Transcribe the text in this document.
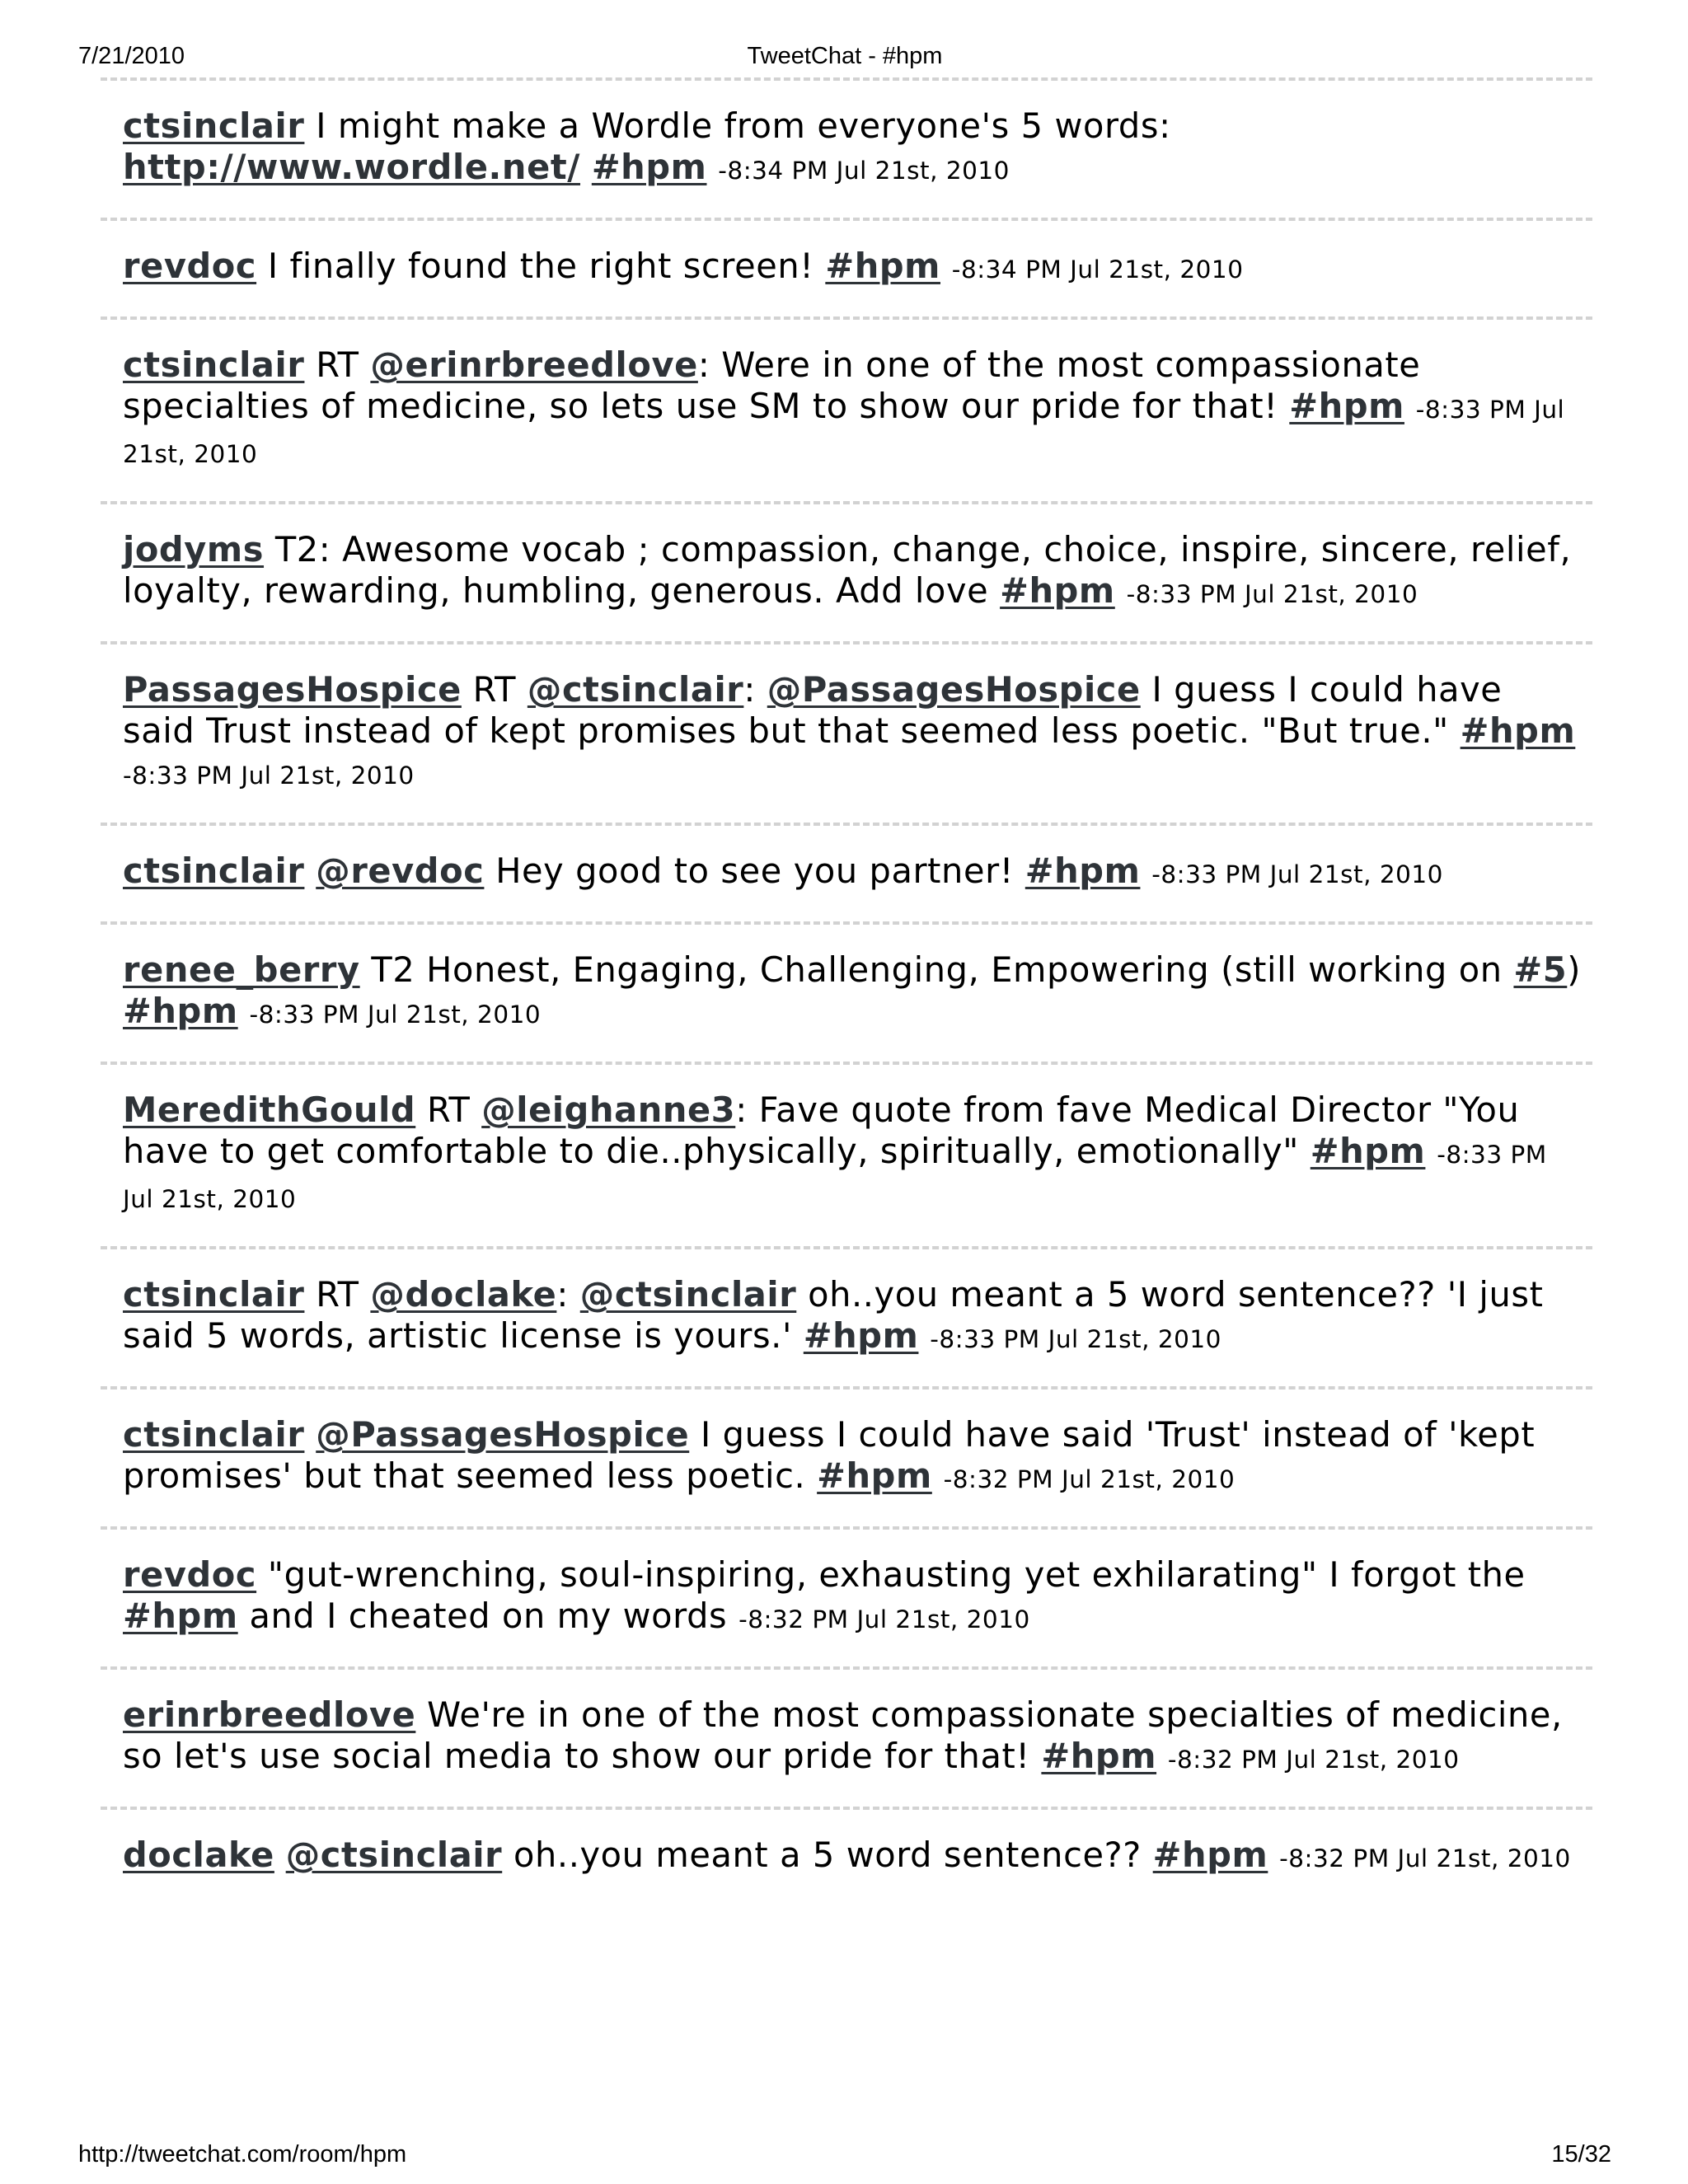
7/21/2010	TweetChat - #hpm
ctsinclair I might make a Wordle from everyone's 5 words: http://www.wordle.net/ #hpm -8:34 PM Jul 21st, 2010
revdoc I finally found the right screen! #hpm -8:34 PM Jul 21st, 2010
ctsinclair RT @erinrbreedlove: Were in one of the most compassionate specialties of medicine, so lets use SM to show our pride for that! #hpm -8:33 PM Jul 21st, 2010
jodyms T2: Awesome vocab ; compassion, change, choice, inspire, sincere, relief, loyalty, rewarding, humbling, generous. Add love #hpm -8:33 PM Jul 21st, 2010
PassagesHospice RT @ctsinclair: @PassagesHospice I guess I could have said Trust instead of kept promises but that seemed less poetic. "But true." #hpm -8:33 PM Jul 21st, 2010
ctsinclair @revdoc Hey good to see you partner! #hpm -8:33 PM Jul 21st, 2010
renee_berry T2 Honest, Engaging, Challenging, Empowering (still working on #5) #hpm -8:33 PM Jul 21st, 2010
MeredithGould RT @leighanne3: Fave quote from fave Medical Director "You have to get comfortable to die..physically, spiritually, emotionally" #hpm -8:33 PM Jul 21st, 2010
ctsinclair RT @doclake: @ctsinclair oh..you meant a 5 word sentence?? 'I just said 5 words, artistic license is yours.' #hpm -8:33 PM Jul 21st, 2010
ctsinclair @PassagesHospice I guess I could have said 'Trust' instead of 'kept promises' but that seemed less poetic. #hpm -8:32 PM Jul 21st, 2010
revdoc "gut-wrenching, soul-inspiring, exhausting yet exhilarating" I forgot the #hpm and I cheated on my words -8:32 PM Jul 21st, 2010
erinrbreedlove We're in one of the most compassionate specialties of medicine, so let's use social media to show our pride for that! #hpm -8:32 PM Jul 21st, 2010
doclake @ctsinclair oh..you meant a 5 word sentence?? #hpm -8:32 PM Jul 21st, 2010
http://tweetchat.com/room/hpm	15/32
